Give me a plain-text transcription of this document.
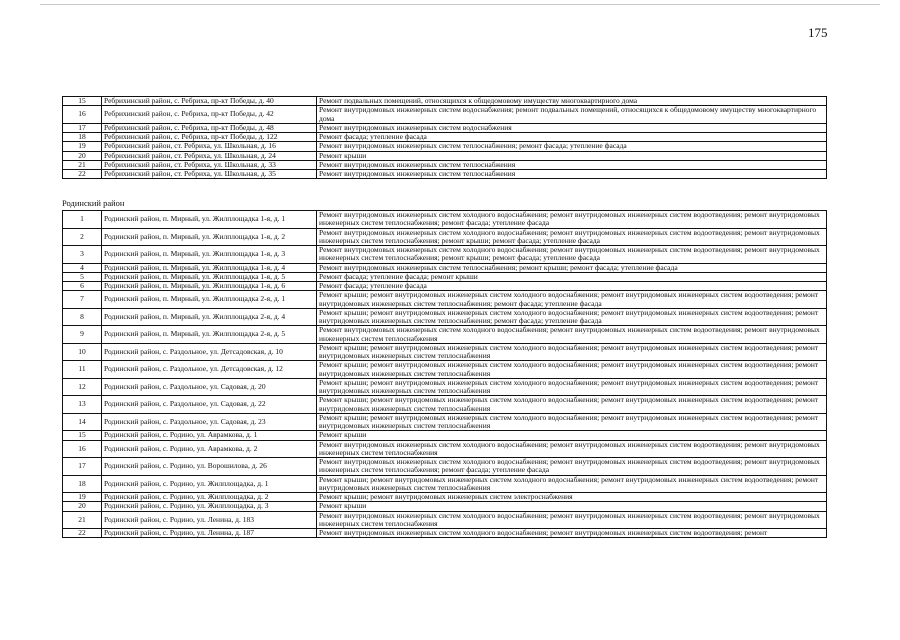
175
15	Ребрихинский район, с. Ребриха, пр-кт Победы, д. 40	Ремонт подвальных помещений, относящихся к общедомовому имуществу многоквартирного дома
16	Ребрихинский район, с. Ребриха, пр-кт Победы, д. 42	Ремонт внутридомовых инженерных систем водоснабжения; ремонт подвальных помещений, относящихся к общедомовому имуществу многоквартирного дома
17	Ребрихинский район, с. Ребриха, пр-кт Победы, д. 48	Ремонт внутридомовых инженерных систем водоснабжения
18	Ребрихинский район, с. Ребриха, пр-кт Победы, д. 122	Ремонт фасада; утепление фасада
19	Ребрихинский район, ст. Ребриха, ул. Школьная, д. 16	Ремонт внутридомовых инженерных систем теплоснабжения; ремонт фасада; утепление фасада
20	Ребрихинский район, ст. Ребриха, ул. Школьная, д. 24	Ремонт крыши
21	Ребрихинский район, ст. Ребриха, ул. Школьная, д. 33	Ремонт внутридомовых инженерных систем теплоснабжения
22	Ребрихинский район, ст. Ребриха, ул. Школьная, д. 35	Ремонт внутридомовых инженерных систем теплоснабжения
Родинский район
1	Родинский район, п. Мирный, ул. Жилплощадка 1-я, д. 1	Ремонт внутридомовых инженерных систем холодного водоснабжения; ремонт внутридомовых инженерных систем водоотведения; ремонт внутридомовых инженерных систем теплоснабжения; ремонт фасада; утепление фасада
2	Родинский район, п. Мирный, ул. Жилплощадка 1-я, д. 2	Ремонт внутридомовых инженерных систем холодного водоснабжения; ремонт внутридомовых инженерных систем водоотведения; ремонт внутридомовых инженерных систем теплоснабжения; ремонт крыши; ремонт фасада; утепление фасада
3	Родинский район, п. Мирный, ул. Жилплощадка 1-я, д. 3	Ремонт внутридомовых инженерных систем холодного водоснабжения; ремонт внутридомовых инженерных систем водоотведения; ремонт внутридомовых инженерных систем теплоснабжения; ремонт крыши; ремонт фасада; утепление фасада
4	Родинский район, п. Мирный, ул. Жилплощадка 1-я, д. 4	Ремонт внутридомовых инженерных систем теплоснабжения; ремонт крыши; ремонт фасада; утепление фасада
5	Родинский район, п. Мирный, ул. Жилплощадка 1-я, д. 5	Ремонт фасада; утепление фасада; ремонт крыши
6	Родинский район, п. Мирный, ул. Жилплощадка 1-я, д. 6	Ремонт фасада; утепление фасада
7	Родинский район, п. Мирный, ул. Жилплощадка 2-я, д. 1	Ремонт крыши; ремонт внутридомовых инженерных систем холодного водоснабжения; ремонт внутридомовых инженерных систем водоотведения; ремонт внутридомовых инженерных систем теплоснабжения; ремонт фасада; утепление фасада
8	Родинский район, п. Мирный, ул. Жилплощадка 2-я, д. 4	Ремонт крыши; ремонт внутридомовых инженерных систем холодного водоснабжения; ремонт внутридомовых инженерных систем водоотведения; ремонт внутридомовых инженерных систем теплоснабжения; ремонт фасада; утепление фасада
9	Родинский район, п. Мирный, ул. Жилплощадка 2-я, д. 5	Ремонт внутридомовых инженерных систем холодного водоснабжения; ремонт внутридомовых инженерных систем водоотведения; ремонт внутридомовых инженерных систем теплоснабжения
10	Родинский район, с. Раздольное, ул. Детсадовская, д. 10	Ремонт крыши; ремонт внутридомовых инженерных систем холодного водоснабжения; ремонт внутридомовых инженерных систем водоотведения; ремонт внутридомовых инженерных систем теплоснабжения
11	Родинский район, с. Раздольное, ул. Детсадовская, д. 12	Ремонт крыши; ремонт внутридомовых инженерных систем холодного водоснабжения; ремонт внутридомовых инженерных систем водоотведения; ремонт внутридомовых инженерных систем теплоснабжения
12	Родинский район, с. Раздольное, ул. Садовая, д. 20	Ремонт крыши; ремонт внутридомовых инженерных систем холодного водоснабжения; ремонт внутридомовых инженерных систем водоотведения; ремонт внутридомовых инженерных систем теплоснабжения
13	Родинский район, с. Раздольное, ул. Садовая, д. 22	Ремонт крыши; ремонт внутридомовых инженерных систем холодного водоснабжения; ремонт внутридомовых инженерных систем водоотведения; ремонт внутридомовых инженерных систем теплоснабжения
14	Родинский район, с. Раздольное, ул. Садовая, д. 23	Ремонт крыши; ремонт внутридомовых инженерных систем холодного водоснабжения; ремонт внутридомовых инженерных систем водоотведения; ремонт внутридомовых инженерных систем теплоснабжения
15	Родинский район, с. Родино, ул. Аврамкова, д. 1	Ремонт крыши
16	Родинский район, с. Родино, ул. Аврамкова, д. 2	Ремонт внутридомовых инженерных систем холодного водоснабжения; ремонт внутридомовых инженерных систем водоотведения; ремонт внутридомовых инженерных систем теплоснабжения
17	Родинский район, с. Родино, ул. Ворошилова, д. 26	Ремонт внутридомовых инженерных систем холодного водоснабжения; ремонт внутридомовых инженерных систем водоотведения; ремонт внутридомовых инженерных систем теплоснабжения; ремонт фасада; утепление фасада
18	Родинский район, с. Родино, ул. Жилплощадка, д. 1	Ремонт крыши; ремонт внутридомовых инженерных систем холодного водоснабжения; ремонт внутридомовых инженерных систем водоотведения; ремонт внутридомовых инженерных систем теплоснабжения
19	Родинский район, с. Родино, ул. Жилплощадка, д. 2	Ремонт крыши; ремонт внутридомовых инженерных систем электроснабжения
20	Родинский район, с. Родино, ул. Жилплощадка, д. 3	Ремонт крыши
21	Родинский район, с. Родино, ул. Ленина, д. 183	Ремонт внутридомовых инженерных систем холодного водоснабжения; ремонт внутридомовых инженерных систем водоотведения; ремонт внутридомовых инженерных систем теплоснабжения
22	Родинский район, с. Родино, ул. Ленина, д. 187	Ремонт внутридомовых инженерных систем холодного водоснабжения; ремонт внутридомовых инженерных систем водоотведения; ремонт
